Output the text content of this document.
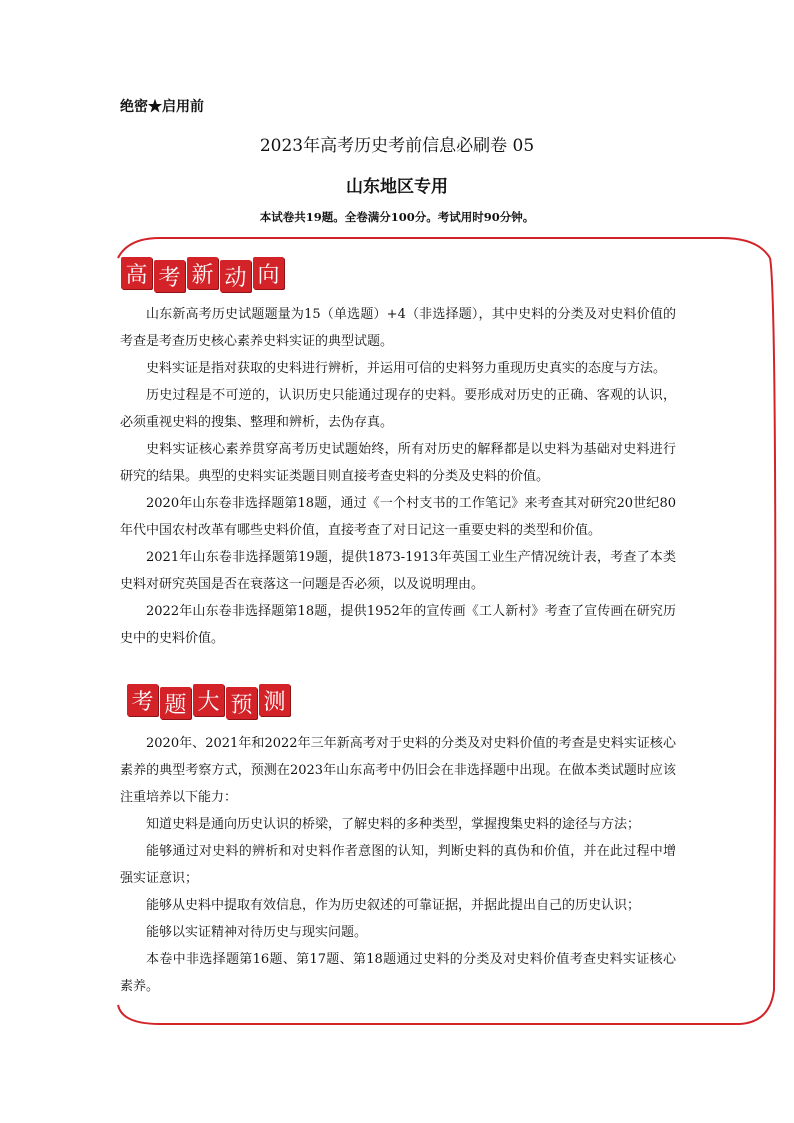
绝密★启用前
2023年高考历史考前信息必刷卷 05
山东地区专用
本试卷共19题。全卷满分100分。考试用时90分钟。
高 考 新 动 向

山东新高考历史试题题量为15（单选题）+4（非选择题），其中史料的分类及对史料价值的考查是考查历史核心素养史料实证的典型试题。

史料实证是指对获取的史料进行辨析，并运用可信的史料努力重现历史真实的态度与方法。

历史过程是不可逆的，认识历史只能通过现存的史料。要形成对历史的正确、客观的认识，必须重视史料的搜集、整理和辨析，去伪存真。

史料实证核心素养贯穿高考历史试题始终，所有对历史的解释都是以史料为基础对史料进行研究的结果。典型的史料实证类题目则直接考查史料的分类及史料的价值。

2020年山东卷非选择题第18题，通过《一个村支书的工作笔记》来考查其对研究20世纪80年代中国农村改革有哪些史料价值，直接考查了对日记这一重要史料的类型和价值。

2021年山东卷非选择题第19题，提供1873-1913年英国工业生产情况统计表，考查了本类史料对研究英国是否在衰落这一问题是否必须，以及说明理由。

2022年山东卷非选择题第18题，提供1952年的宣传画《工人新村》考查了宣传画在研究历史中的史料价值。

考 题 大 预 测

2020年、2021年和2022年三年新高考对于史料的分类及对史料价值的考查是史料实证核心素养的典型考察方式，预测在2023年山东高考中仍旧会在非选择题中出现。在做本类试题时应该注重培养以下能力：

知道史料是通向历史认识的桥梁，了解史料的多种类型，掌握搜集史料的途径与方法；

能够通过对史料的辨析和对史料作者意图的认知，判断史料的真伪和价值，并在此过程中增强实证意识；

能够从史料中提取有效信息，作为历史叙述的可靠证据，并据此提出自己的历史认识；

能够以实证精神对待历史与现实问题。

本卷中非选择题第16题、第17题、第18题通过史料的分类及对史料价值考查史料实证核心素养。
